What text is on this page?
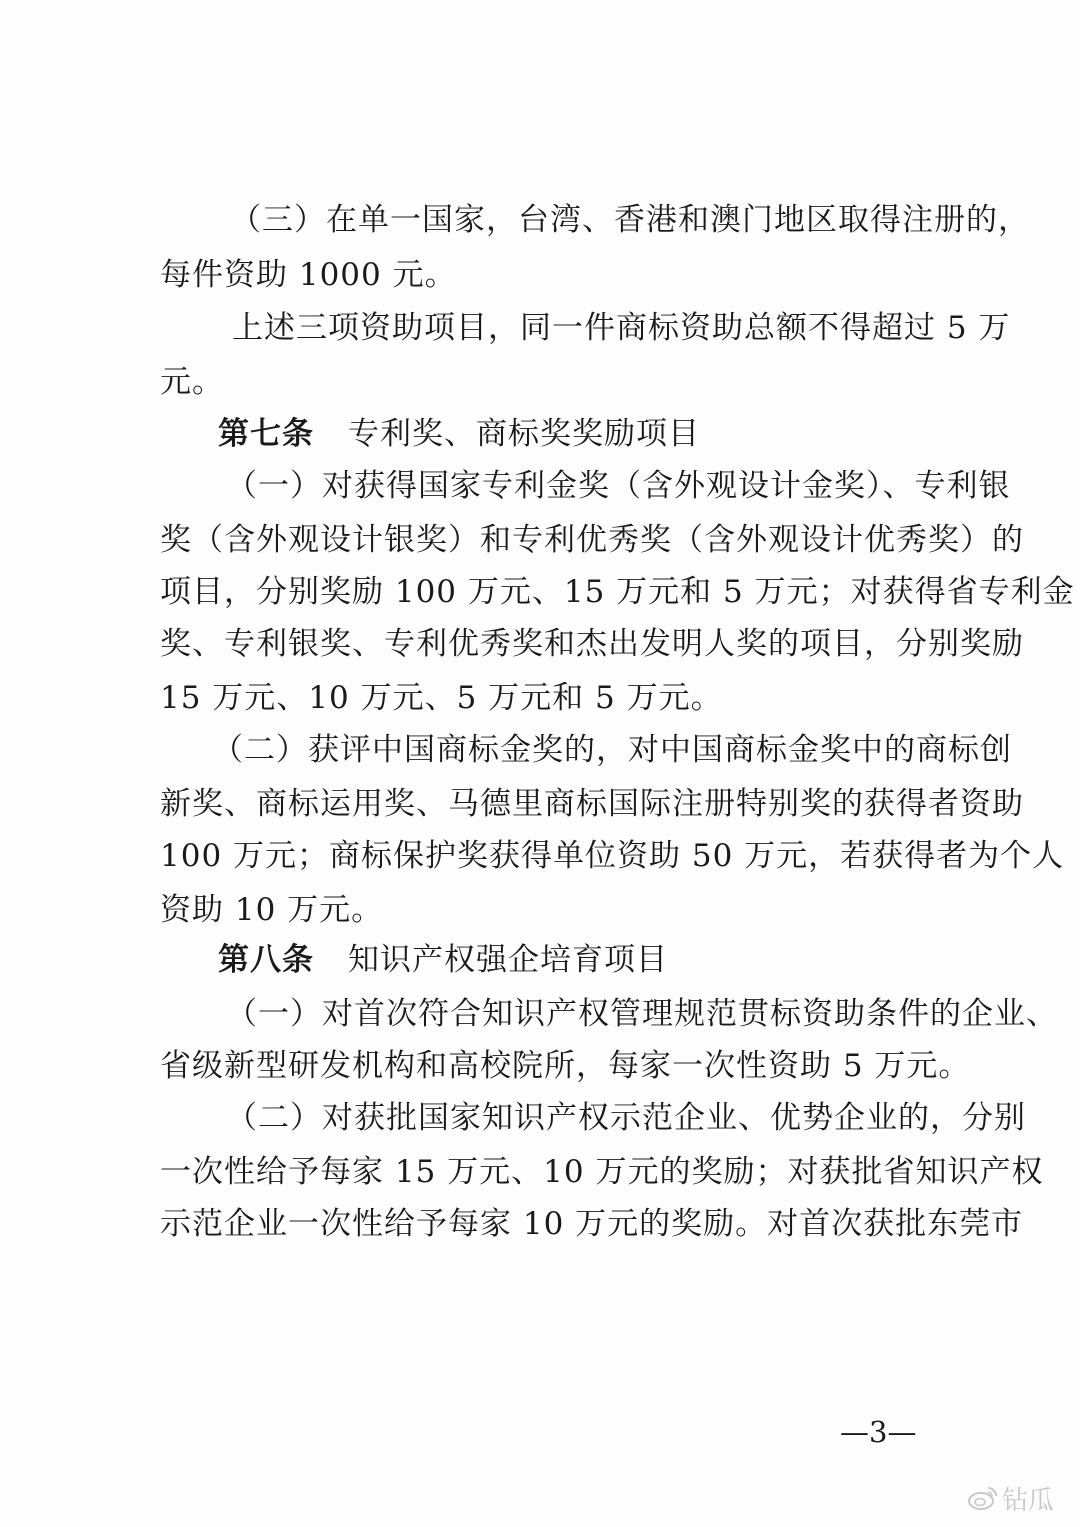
（三）在单一国家，台湾、香港和澳门地区取得注册的，
每件资助 1000 元。
上述三项资助项目，同一件商标资助总额不得超过 5 万
元。
第七条 专利奖、商标奖奖励项目
（一）对获得国家专利金奖（含外观设计金奖）、专利银
奖（含外观设计银奖）和专利优秀奖（含外观设计优秀奖）的
项目，分别奖励 100 万元、15 万元和 5 万元；对获得省专利金
奖、专利银奖、专利优秀奖和杰出发明人奖的项目，分别奖励
15 万元、10 万元、5 万元和 5 万元。
（二）获评中国商标金奖的，对中国商标金奖中的商标创
新奖、商标运用奖、马德里商标国际注册特别奖的获得者资助
100 万元；商标保护奖获得单位资助 50 万元，若获得者为个人
资助 10 万元。
第八条 知识产权强企培育项目
（一）对首次符合知识产权管理规范贯标资助条件的企业、
省级新型研发机构和高校院所，每家一次性资助 5 万元。
（二）对获批国家知识产权示范企业、优势企业的，分别
一次性给予每家 15 万元、10 万元的奖励；对获批省知识产权
示范企业一次性给予每家 10 万元的奖励。对首次获批东莞市
—3—
钻瓜
